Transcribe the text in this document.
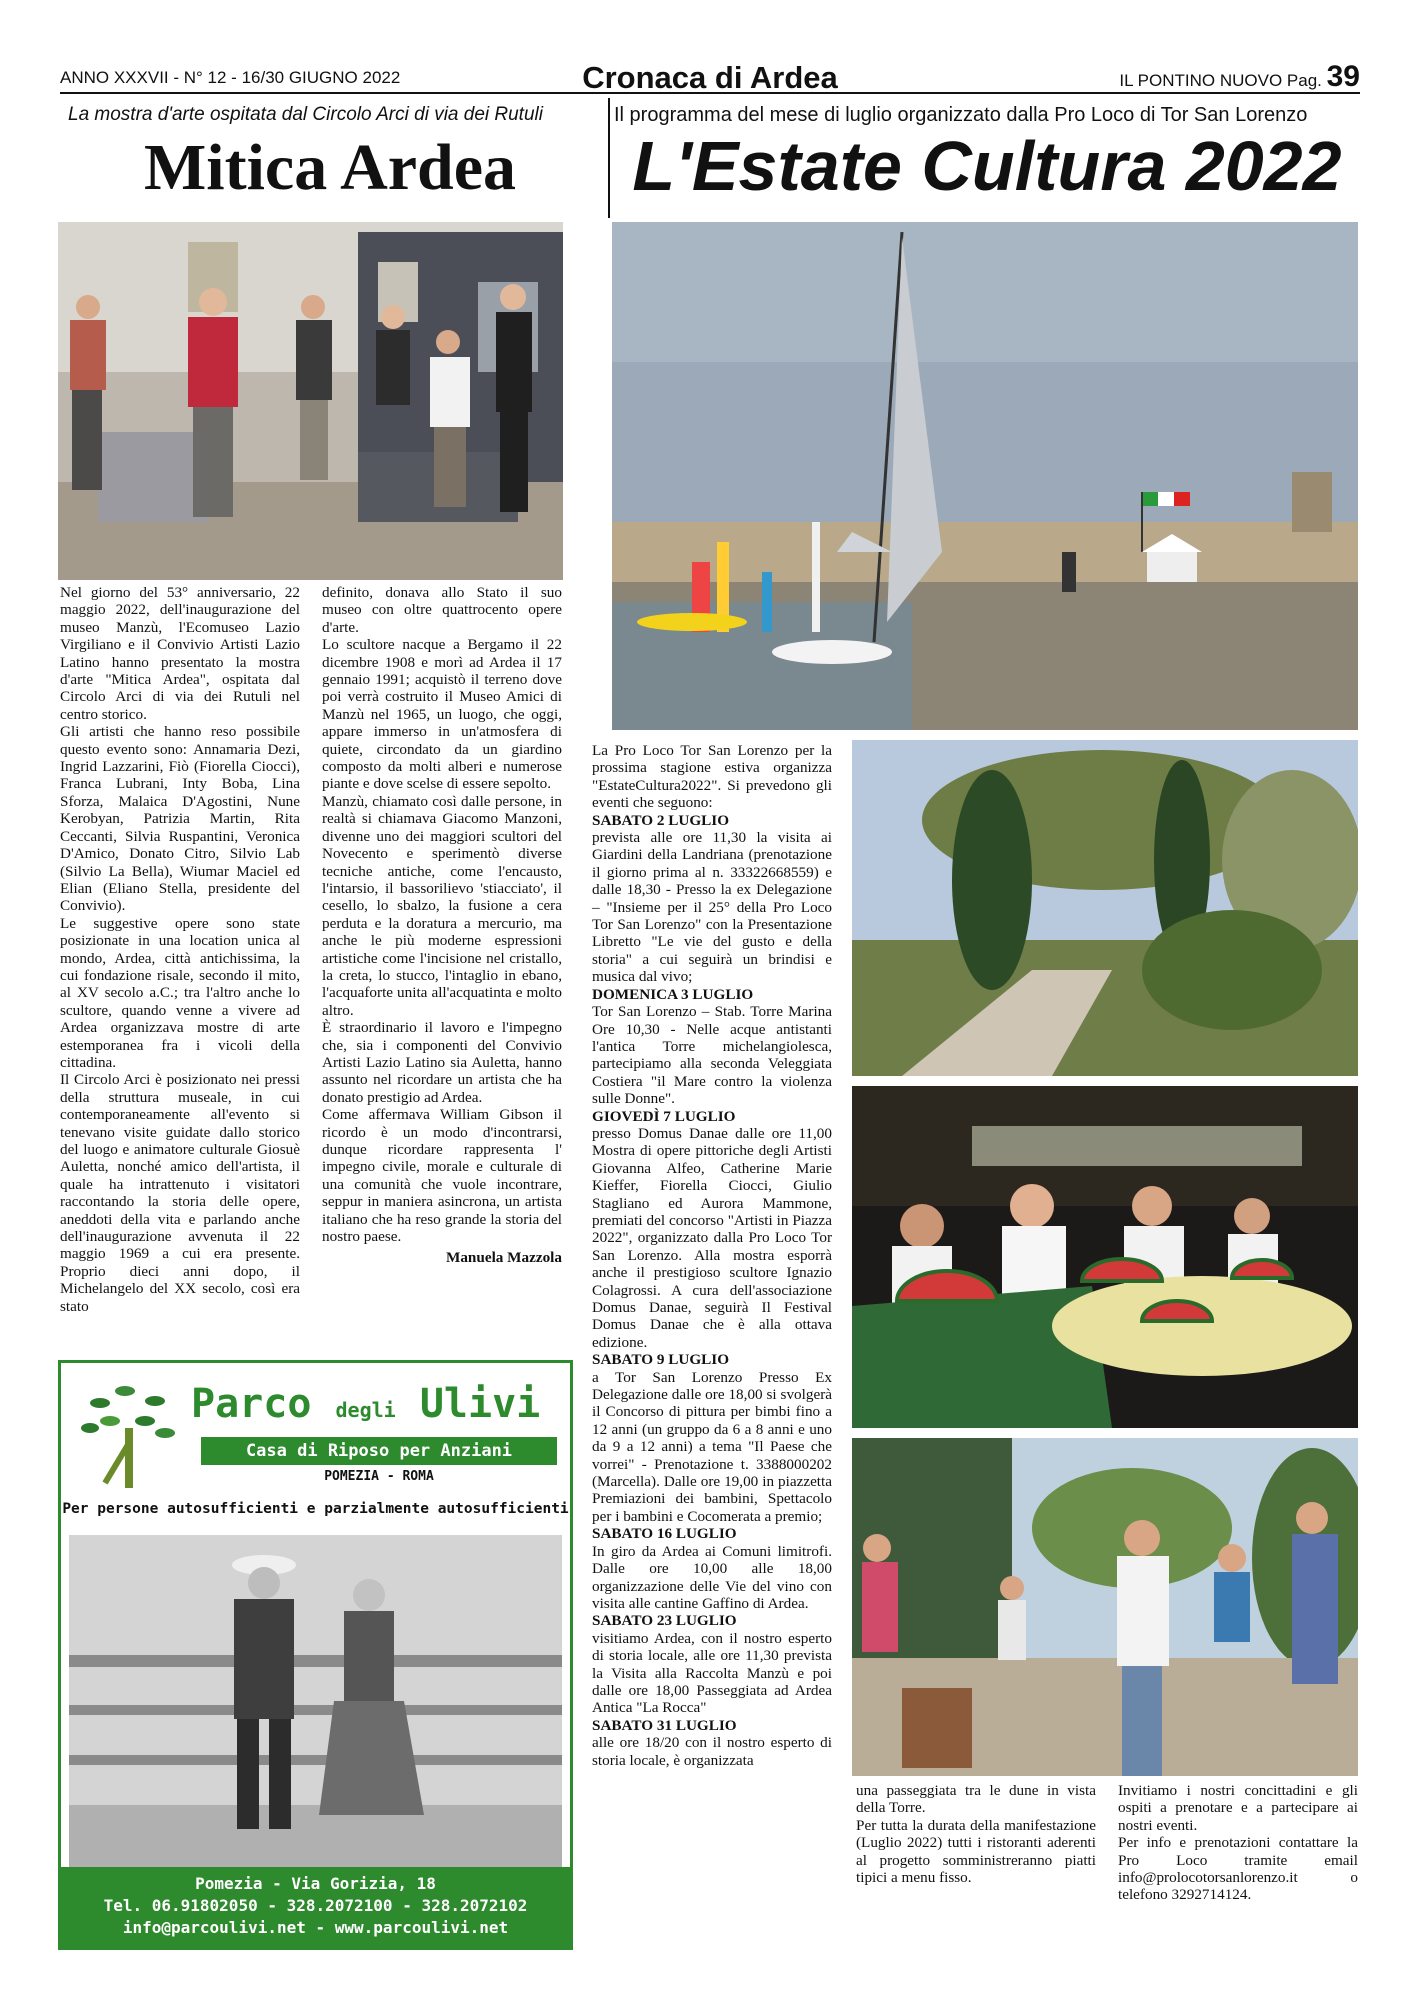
ANNO XXXVII - N° 12 - 16/30 GIUGNO 2022	Cronaca di Ardea	IL PONTINO NUOVO Pag. 39
La mostra d'arte ospitata dal Circolo Arci di via dei Rutuli	Il programma del mese di luglio organizzato dalla Pro Loco di Tor San Lorenzo
Mitica Ardea	L'Estate Cultura 2022

Nel giorno del 53° anniversario, 22 maggio 2022, dell'inaugurazione del museo Manzù, l'Ecomuseo Lazio Virgiliano e il Convivio Artisti Lazio Latino hanno presentato la mostra d'arte "Mitica Ardea", ospitata dal Circolo Arci di via dei Rutuli nel centro storico.

Gli artisti che hanno reso possibile questo evento sono: Annamaria Dezi, Ingrid Lazzarini, Fiò (Fiorella Ciocci), Franca Lubrani, Inty Boba, Lina Sforza, Malaica D'Agostini, Nune Kerobyan, Patrizia Martin, Rita Ceccanti, Silvia Ruspantini, Veronica D'Amico, Donato Citro, Silvio Lab (Silvio La Bella), Wiumar Maciel ed Elian (Eliano Stella, presidente del Convivio).

Le suggestive opere sono state posizionate in una location unica al mondo, Ardea, città antichissima, la cui fondazione risale, secondo il mito, al XV secolo a.C.; tra l'altro anche lo scultore, quando venne a vivere ad Ardea organizzava mostre di arte estemporanea fra i vicoli della cittadina.

Il Circolo Arci è posizionato nei pressi della struttura museale, in cui contemporaneamente all'evento si tenevano visite guidate dallo storico del luogo e animatore culturale Giosuè Auletta, nonché amico dell'artista, il quale ha intrattenuto i visitatori raccontando la storia delle opere, aneddoti della vita e parlando anche dell'inaugurazione avvenuta il 22 maggio 1969 a cui era presente. Proprio dieci anni dopo, il Michelangelo del XX secolo, così era stato

definito, donava allo Stato il suo museo con oltre quattrocento opere d'arte.

Lo scultore nacque a Bergamo il 22 dicembre 1908 e morì ad Ardea il 17 gennaio 1991; acquistò il terreno dove poi verrà costruito il Museo Amici di Manzù nel 1965, un luogo, che oggi, appare immerso in un'atmosfera di quiete, circondato da un giardino composto da molti alberi e numerose piante e dove scelse di essere sepolto.

Manzù, chiamato così dalle persone, in realtà si chiamava Giacomo Manzoni, divenne uno dei maggiori scultori del Novecento e sperimentò diverse tecniche antiche, come l'encausto, l'intarsio, il bassorilievo 'stiacciato', il cesello, lo sbalzo, la fusione a cera perduta e la doratura a mercurio, ma anche le più moderne espressioni artistiche come l'incisione nel cristallo, la creta, lo stucco, l'intaglio in ebano, l'acquaforte unita all'acquatinta e molto altro.

È straordinario il lavoro e l'impegno che, sia i componenti del Convivio Artisti Lazio Latino sia Auletta, hanno assunto nel ricordare un artista che ha donato prestigio ad Ardea.

Come affermava William Gibson il ricordo è un modo d'incontrarsi, dunque ricordare rappresenta l' impegno civile, morale e culturale di una comunità che vuole incontrare, seppur in maniera asincrona, un artista italiano che ha reso grande la storia del nostro paese.

Manuela Mazzola

La Pro Loco Tor San Lorenzo per la prossima stagione estiva organizza "EstateCultura2022". Si prevedono gli eventi che seguono:

SABATO 2 LUGLIO

prevista alle ore 11,30 la visita ai Giardini della Landriana (prenotazione il giorno prima al n. 33322668559) e dalle 18,30 - Presso la ex Delegazione – "Insieme per il 25° della Pro Loco Tor San Lorenzo" con la Presentazione Libretto "Le vie del gusto e della storia" a cui seguirà un brindisi e musica dal vivo;

DOMENICA 3 LUGLIO

Tor San Lorenzo – Stab. Torre Marina Ore 10,30 - Nelle acque antistanti l'antica Torre michelangiolesca, partecipiamo alla seconda Veleggiata Costiera "il Mare contro la violenza sulle Donne".

GIOVEDÌ 7 LUGLIO

presso Domus Danae dalle ore 11,00 Mostra di opere pittoriche degli Artisti Giovanna Alfeo, Catherine Marie Kieffer, Fiorella Ciocci, Giulio Stagliano ed Aurora Mammone, premiati del concorso "Artisti in Piazza 2022", organizzato dalla Pro Loco Tor San Lorenzo. Alla mostra esporrà anche il prestigioso scultore Ignazio Colagrossi. A cura dell'associazione Domus Danae, seguirà Il Festival Domus Danae che è alla ottava edizione.

SABATO 9 LUGLIO

a Tor San Lorenzo Presso Ex Delegazione dalle ore 18,00 si svolgerà il Concorso di pittura per bimbi fino a 12 anni (un gruppo da 6 a 8 anni e uno da 9 a 12 anni) a tema "Il Paese che vorrei" - Prenotazione t. 3388000202 (Marcella). Dalle ore 19,00 in piazzetta Premiazioni dei bambini, Spettacolo per i bambini e Cocomerata a premio;

SABATO 16 LUGLIO

In giro da Ardea ai Comuni limitrofi. Dalle ore 10,00 alle 18,00 organizzazione delle Vie del vino con visita alle cantine Gaffino di Ardea.

SABATO 23 LUGLIO

visitiamo Ardea, con il nostro esperto di storia locale, alle ore 11,30 prevista la Visita alla Raccolta Manzù e poi dalle ore 18,00 Passeggiata ad Ardea Antica "La Rocca"

SABATO 31 LUGLIO

alle ore 18/20 con il nostro esperto di storia locale, è organizzata

una passeggiata tra le dune in vista della Torre.

Per tutta la durata della manifestazione (Luglio 2022) tutti i ristoranti aderenti al progetto somministreranno piatti tipici a menu fisso.

Invitiamo i nostri concittadini e gli ospiti a prenotare e a partecipare ai nostri eventi.

Per info e prenotazioni contattare la Pro Loco tramite email info@prolocotorsanlorenzo.it o telefono 3292714124.

Parco degli Ulivi
Casa di Riposo per Anziani
POMEZIA - ROMA
Per persone autosufficienti e parzialmente autosufficienti
Pomezia - Via Gorizia, 18
Tel. 06.91802050 - 328.2072100 - 328.2072102
info@parcoulivi.net - www.parcoulivi.net
